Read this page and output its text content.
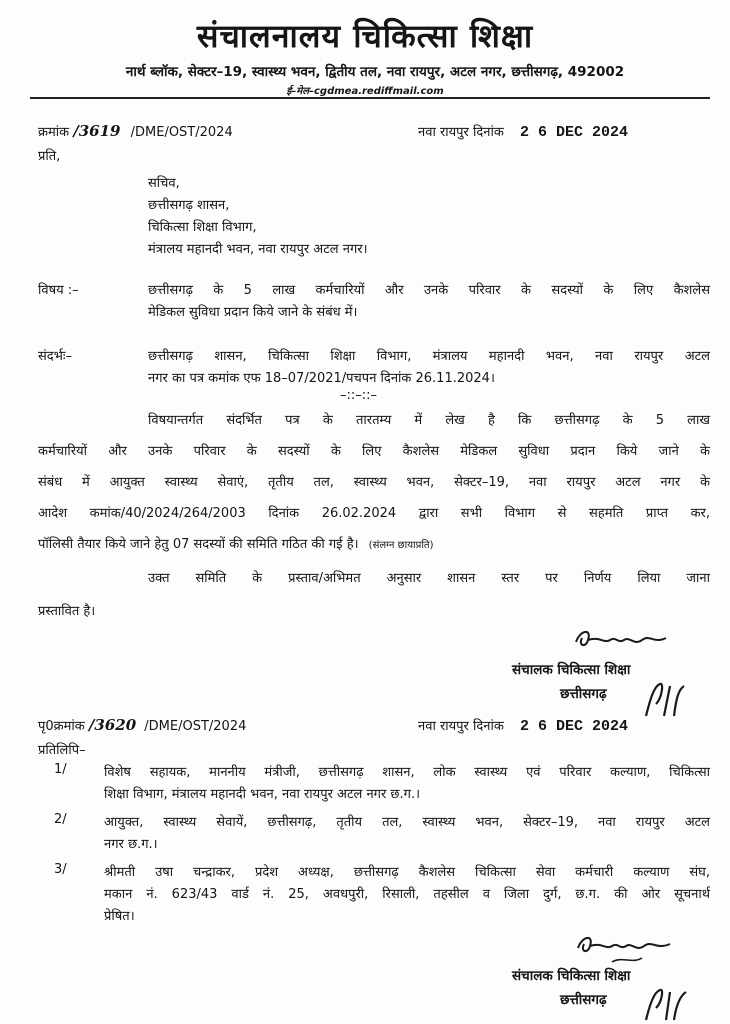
संचालनालय चिकित्सा शिक्षा
नार्थ ब्लॉक, सेक्टर–19, स्वास्थ्य भवन, द्वितीय तल, नवा रायपुर, अटल नगर, छत्तीसगढ़, 492002
ई–मेल–cgdmeа.rediffmail.com
क्रमांक /3619 /DME/OST/2024	नवा रायपुर दिनांक 2 6 DEC 2024
प्रति,
सचिव,
छत्तीसगढ़ शासन,
चिकित्सा शिक्षा विभाग,
मंत्रालय महानदी भवन, नवा रायपुर अटल नगर।
विषय :–	छत्तीसगढ़ के 5 लाख कर्मचारियों और उनके परिवार के सदस्यों के लिए कैशलेस
मेडिकल सुविधा प्रदान किये जाने के संबंध में।
संदर्भः–	छत्तीसगढ़ शासन, चिकित्सा शिक्षा विभाग, मंत्रालय महानदी भवन, नवा रायपुर अटल
नगर का पत्र कमांक एफ 18–07/2021/पचपन दिनांक 26.11.2024।
–::–::–
विषयान्तर्गत संदर्भित पत्र के तारतम्य में लेख है कि छत्तीसगढ़ के 5 लाख
कर्मचारियों और उनके परिवार के सदस्यों के लिए कैशलेस मेडिकल सुविधा प्रदान किये जाने के
संबंध में आयुक्त स्वास्थ्य सेवाएं, तृतीय तल, स्वास्थ्य भवन, सेक्टर–19, नवा रायपुर अटल नगर के
आदेश कमांक/40/2024/264/2003 दिनांक 26.02.2024 द्वारा सभी विभाग से सहमति प्राप्त कर,
पॉलिसी तैयार किये जाने हेतु 07 सदस्यों की समिति गठित की गई है। (संलग्न छायाप्रति)
उक्त समिति के प्रस्ताव/अभिमत अनुसार शासन स्तर पर निर्णय लिया जाना
प्रस्तावित है।
संचालक चिकित्सा शिक्षा
छत्तीसगढ़
पृ0क्रमांक /3620 /DME/OST/2024	नवा रायपुर दिनांक 2 6 DEC 2024
प्रतिलिपि–
1/	विशेष सहायक, माननीय मंत्रीजी, छत्तीसगढ़ शासन, लोक स्वास्थ्य एवं परिवार कल्याण, चिकित्सा
शिक्षा विभाग, मंत्रालय महानदी भवन, नवा रायपुर अटल नगर छ.ग.।
2/	आयुक्त, स्वास्थ्य सेवायें, छत्तीसगढ़, तृतीय तल, स्वास्थ्य भवन, सेक्टर–19, नवा रायपुर अटल
नगर छ.ग.।
3/	श्रीमती उषा चन्द्राकर, प्रदेश अध्यक्ष, छत्तीसगढ़ कैशलेस चिकित्सा सेवा कर्मचारी कल्याण संघ,
मकान नं. 623/43 वार्ड नं. 25, अवधपुरी, रिसाली, तहसील व जिला दुर्ग, छ.ग. की ओर सूचनार्थ
प्रेषित।
संचालक चिकित्सा शिक्षा
छत्तीसगढ़
